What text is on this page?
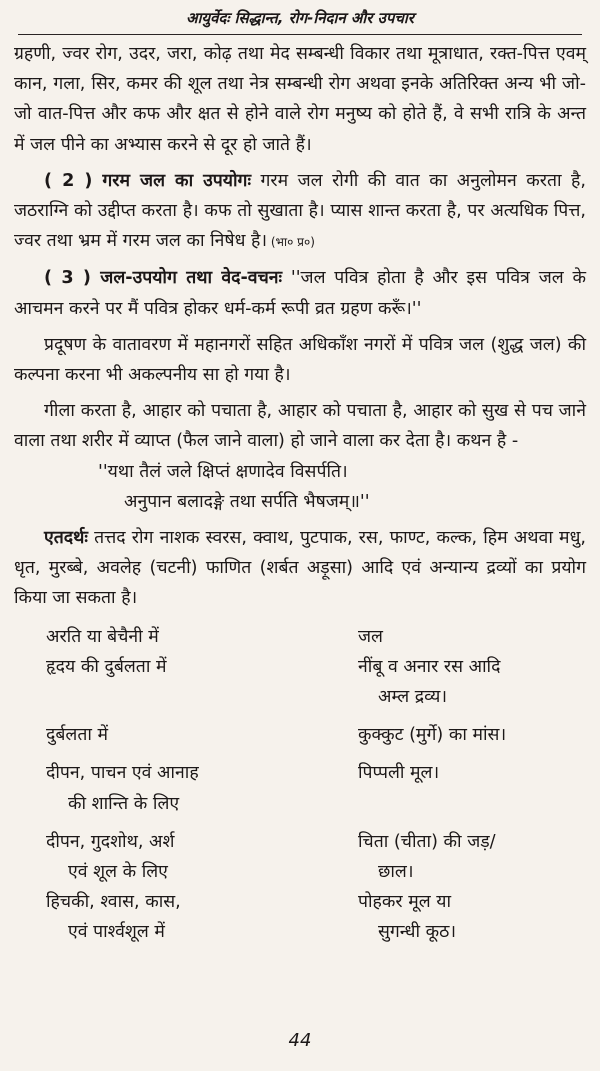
आयुर्वेदः सिद्धान्त, रोग-निदान और उपचार

ग्रहणी, ज्वर रोग, उदर, जरा, कोढ़ तथा मेद सम्बन्धी विकार तथा मूत्राधात, रक्त-पित्त एवम् कान, गला, सिर, कमर की शूल तथा नेत्र सम्बन्धी रोग अथवा इनके अतिरिक्त अन्य भी जो-जो वात-पित्त और कफ और क्षत से होने वाले रोग मनुष्य को होते हैं, वे सभी रात्रि के अन्त में जल पीने का अभ्यास करने से दूर हो जाते हैं।

( 2 ) गरम जल का उपयोगः गरम जल रोगी की वात का अनुलोमन करता है, जठराग्नि को उद्दीप्त करता है। कफ तो सुखाता है। प्यास शान्त करता है, पर अत्यधिक पित्त, ज्वर तथा भ्रम में गरम जल का निषेध है। (भा० प्र०)

( 3 ) जल-उपयोग तथा वेद-वचनः ''जल पवित्र होता है और इस पवित्र जल के आचमन करने पर मैं पवित्र होकर धर्म-कर्म रूपी व्रत ग्रहण करूँ।''

प्रदूषण के वातावरण में महानगरों सहित अधिकाँश नगरों में पवित्र जल (शुद्ध जल) की कल्पना करना भी अकल्पनीय सा हो गया है।

गीला करता है, आहार को पचाता है, आहार को पचाता है, आहार को सुख से पच जाने वाला तथा शरीर में व्याप्त (फैल जाने वाला) हो जाने वाला कर देता है। कथन है -

''यथा तैलं जले क्षिप्तं क्षणादेव विसर्पति।

अनुपान बलादङ्गे तथा सर्पति भैषजम्॥''

एतदर्थः तत्तद रोग नाशक स्वरस, क्वाथ, पुटपाक, रस, फाण्ट, कल्क, हिम अथवा मधु, धृत, मुरब्बे, अवलेह (चटनी) फाणित (शर्बत अड़ूसा) आदि एवं अन्यान्य द्रव्यों का प्रयोग किया जा सकता है।

अरति या बेचैनी में	जल
हृदय की दुर्बलता में	नींबू व अनार रस आदि
अम्ल द्रव्य।

दुर्बलता में	कुक्कुट (मुर्गे) का मांस।

दीपन, पाचन एवं आनाह
की शान्ति के लिए	पिप्पली मूल।

दीपन, गुदशोथ, अर्श
एवं शूल के लिए	चिता (चीता) की जड़/
छाल।

हिचकी, श्वास, कास,
एवं पार्श्वशूल में	पोहकर मूल या
सुगन्धी कूठ।
44
